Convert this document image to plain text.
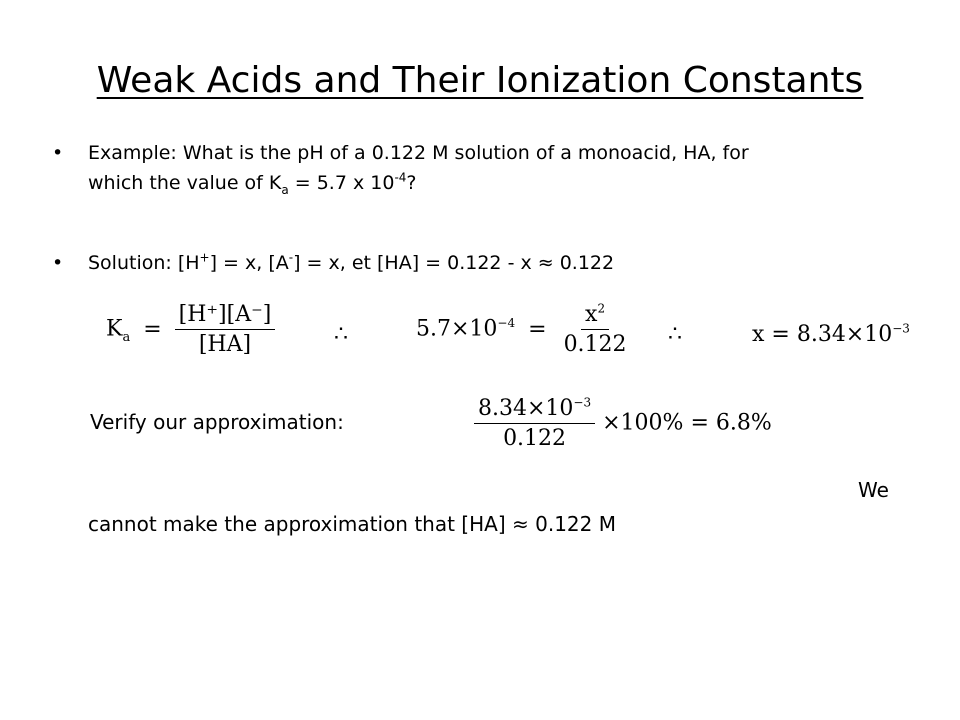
Weak Acids and Their Ionization Constants
• Example: What is the pH of a 0.122 M solution of a monoacid, HA, for
which the value of $K_a = 5.7$ x $10^{-4}$?
• Solution: [H+] = x, [A-] = x, et [HA] = 0.122 - x ≈ 0.122
$K_a = \frac{[H^+][A^-]}{[HA]}$	∴	$5.7\times 10^{-4} = \frac{x^2}{0.122}$ ∴	$x = 8.34\times 10^{-3}$
Verify our approximation:	$\frac{8.34\times 10^{-3}}{0.122} \times 100\% = 6.8\%$
We
cannot make the approximation that [HA] ≈ 0.122 M
